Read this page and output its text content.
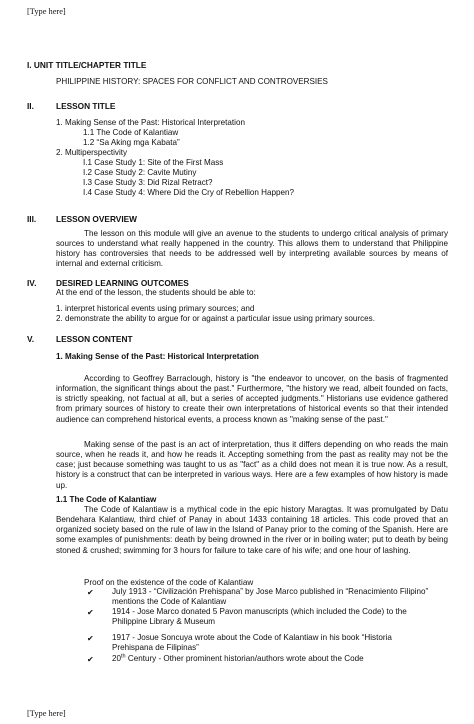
[Type here]
I. UNIT TITLE/CHAPTER TITLE
PHILIPPINE HISTORY: SPACES FOR CONFLICT AND CONTROVERSIES
II.	LESSON TITLE
1. Making Sense of the Past: Historical Interpretation
1.1 The Code of Kalantiaw
1.2 “Sa Aking mga Kabata”
2. Multiperspectivity
I.1 Case Study 1: Site of the First Mass
I.2 Case Study 2: Cavite Mutiny
I.3 Case Study 3: Did Rizal Retract?
I.4 Case Study 4: Where Did the Cry of Rebellion Happen?
III. LESSON OVERVIEW
The lesson on this module will give an avenue to the students to undergo critical analysis of primary sources to understand what really happened in the country. This allows them to understand that Philippine history has controversies that needs to be addressed well by interpreting available sources by means of internal and external criticism.
IV. DESIRED LEARNING OUTCOMES
At the end of the lesson, the students should be able to:
1. interpret historical events using primary sources; and
2. demonstrate the ability to argue for or against a particular issue using primary sources.
V.	LESSON CONTENT
1. Making Sense of the Past: Historical Interpretation
According to Geoffrey Barraclough, history is "the endeavor to uncover, on the basis of fragmented information, the significant things about the past." Furthermore, "the history we read, albeit founded on facts, is strictly speaking, not factual at all, but a series of accepted judgments." Historians use evidence gathered from primary sources of history to create their own interpretations of historical events so that their intended audience can comprehend historical events, a process known as "making sense of the past."
Making sense of the past is an act of interpretation, thus it differs depending on who reads the main source, when he reads it, and how he reads it. Accepting something from the past as reality may not be the case; just because something was taught to us as "fact" as a child does not mean it is true now. As a result, history is a construct that can be interpreted in various ways. Here are a few examples of how history is made up.
1.1 The Code of Kalantiaw
The Code of Kalantiaw is a mythical code in the epic history Maragtas. It was promulgated by Datu Bendehara Kalantiaw, third chief of Panay in about 1433 containing 18 articles. This code proved that an organized society based on the rule of law in the Island of Panay prior to the coming of the Spanish. Here are some examples of punishments: death by being drowned in the river or in boiling water; put to death by being stoned & crushed; swimming for 3 hours for failure to take care of his wife; and one hour of lashing.
Proof on the existence of the code of Kalantiaw
✔ July 1913 - “Civilización Prehispana” by Jose Marco published in “Renacimiento Filipino”
mentions the Code of Kalantiaw
✔ 1914 - Jose Marco donated 5 Pavon manuscripts (which included the Code) to the
Philippine Library & Museum
✔ 1917 - Josue Soncuya wrote about the Code of Kalantiaw in his book “Historia
Prehispana de Filipinas”
✔ 20th Century - Other prominent historian/authors wrote about the Code
[Type here]
